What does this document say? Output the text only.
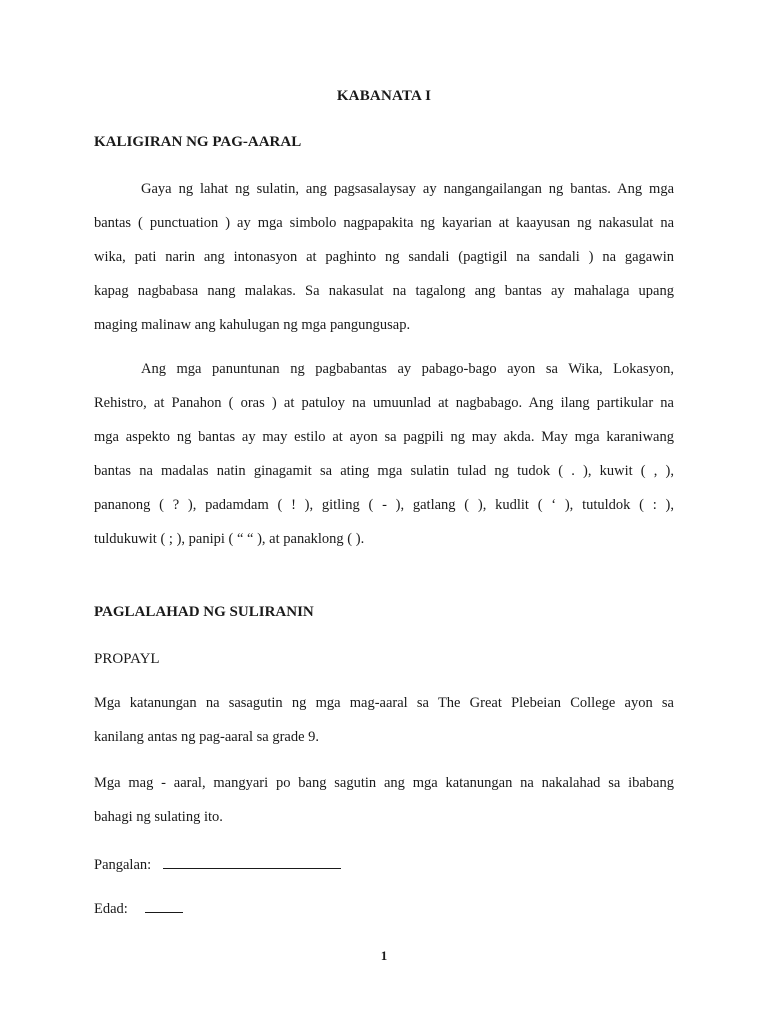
KABANATA I
KALIGIRAN NG PAG-AARAL
Gaya ng lahat ng sulatin, ang pagsasalaysay ay nangangailangan ng bantas. Ang mga
bantas ( punctuation ) ay mga simbolo nagpapakita ng kayarian at kaayusan ng nakasulat na
wika, pati narin ang intonasyon at paghinto ng sandali (pagtigil na sandali ) na gagawin
kapag nagbabasa nang malakas. Sa nakasulat na tagalong ang bantas ay mahalaga upang
maging malinaw ang kahulugan ng mga pangungusap.
Ang mga panuntunan ng pagbabantas ay pabago-bago ayon sa Wika, Lokasyon,
Rehistro, at Panahon ( oras ) at patuloy na umuunlad at nagbabago. Ang ilang partikular na
mga aspekto ng bantas ay may estilo at ayon sa pagpili ng may akda. May mga karaniwang
bantas na madalas natin ginagamit sa ating mga sulatin tulad ng tudok ( . ), kuwit ( , ),
pananong ( ? ), padamdam ( ! ), gitling ( - ), gatlang ( ), kudlit ( ‘ ), tutuldok ( : ),
tuldukuwit ( ; ), panipi ( “ “ ), at panaklong ( ).
PAGLALAHAD NG SULIRANIN
PROPAYL
Mga katanungan na sasagutin ng mga mag-aaral sa The Great Plebeian College ayon sa
kanilang antas ng pag-aaral sa grade 9.
Mga mag - aaral, mangyari po bang sagutin ang mga katanungan na nakalahad sa ibabang
bahagi ng sulating ito.
Pangalan:
Edad:
1
